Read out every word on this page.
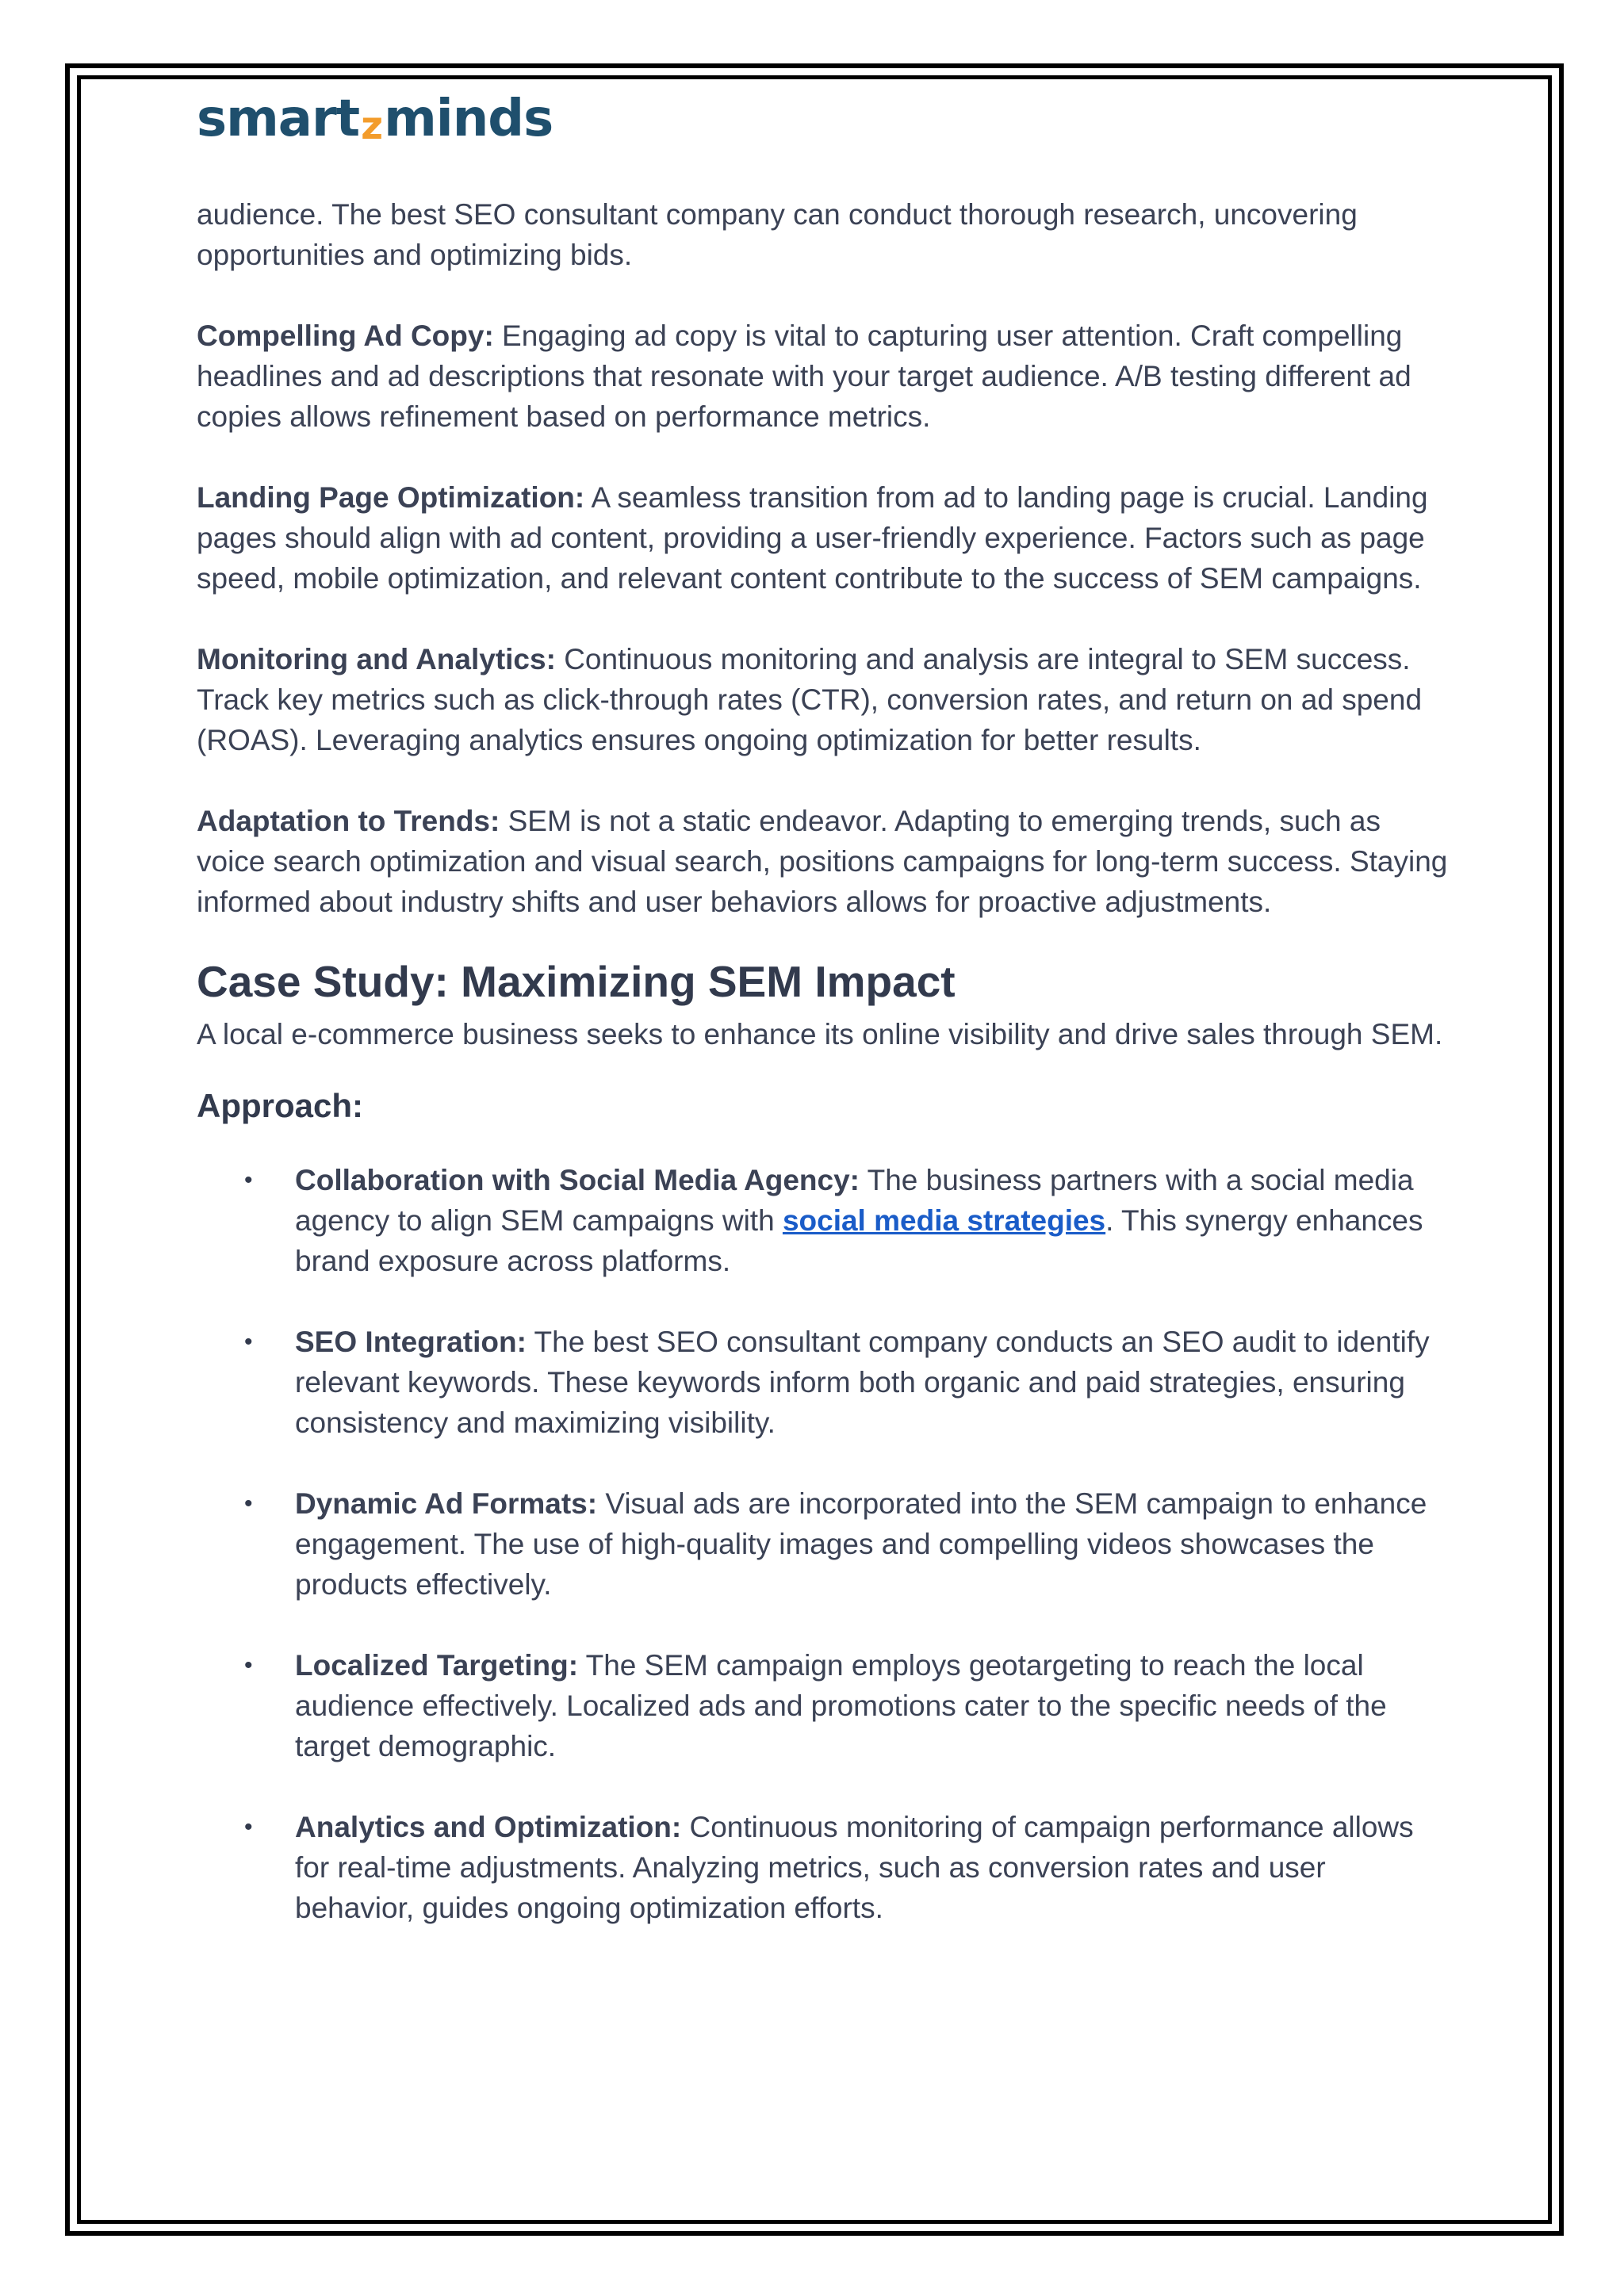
smartzminds

audience. The best SEO consultant company can conduct thorough research, uncovering opportunities and optimizing bids.

Compelling Ad Copy: Engaging ad copy is vital to capturing user attention. Craft compelling headlines and ad descriptions that resonate with your target audience. A/B testing different ad copies allows refinement based on performance metrics.

Landing Page Optimization: A seamless transition from ad to landing page is crucial. Landing pages should align with ad content, providing a user-friendly experience. Factors such as page speed, mobile optimization, and relevant content contribute to the success of SEM campaigns.

Monitoring and Analytics: Continuous monitoring and analysis are integral to SEM success. Track key metrics such as click-through rates (CTR), conversion rates, and return on ad spend (ROAS). Leveraging analytics ensures ongoing optimization for better results.

Adaptation to Trends: SEM is not a static endeavor. Adapting to emerging trends, such as voice search optimization and visual search, positions campaigns for long-term success. Staying informed about industry shifts and user behaviors allows for proactive adjustments.

Case Study: Maximizing SEM Impact

A local e-commerce business seeks to enhance its online visibility and drive sales through SEM.

Approach:
• Collaboration with Social Media Agency: The business partners with a social media agency to align SEM campaigns with social media strategies. This synergy enhances brand exposure across platforms.
• SEO Integration: The best SEO consultant company conducts an SEO audit to identify relevant keywords. These keywords inform both organic and paid strategies, ensuring consistency and maximizing visibility.
• Dynamic Ad Formats: Visual ads are incorporated into the SEM campaign to enhance engagement. The use of high-quality images and compelling videos showcases the products effectively.
• Localized Targeting: The SEM campaign employs geotargeting to reach the local audience effectively. Localized ads and promotions cater to the specific needs of the target demographic.
• Analytics and Optimization: Continuous monitoring of campaign performance allows for real-time adjustments. Analyzing metrics, such as conversion rates and user behavior, guides ongoing optimization efforts.
